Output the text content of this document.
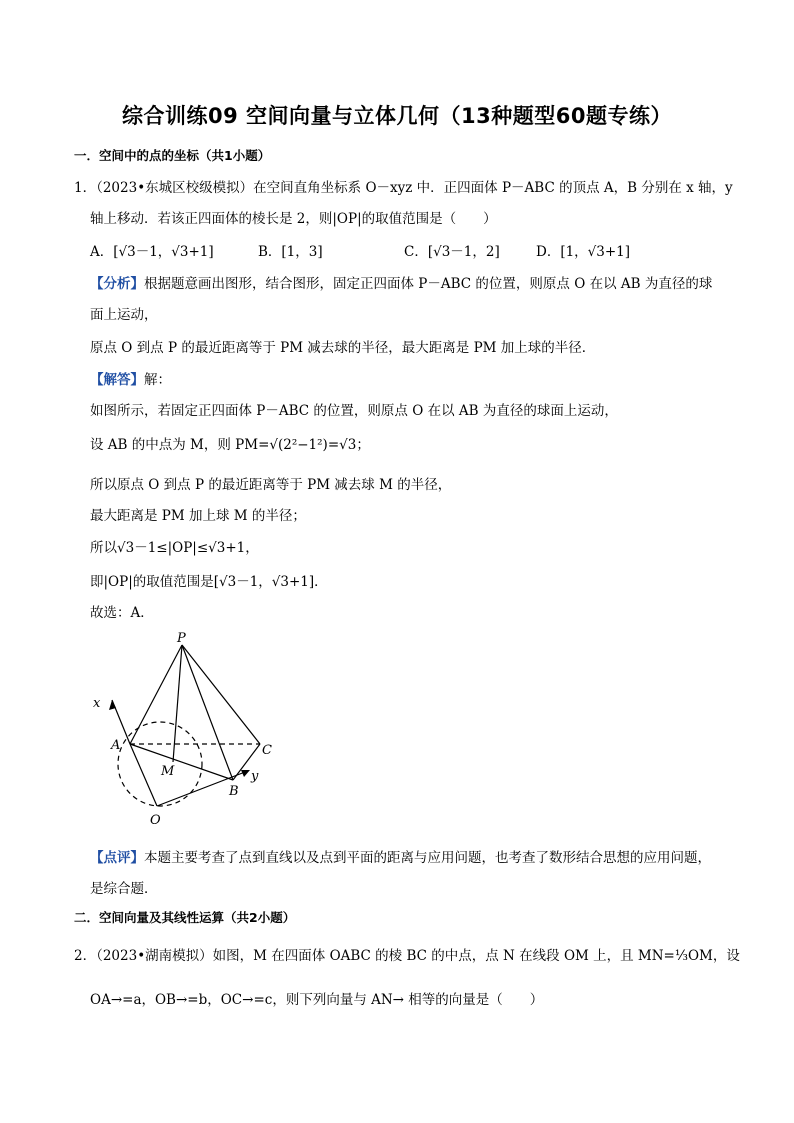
综合训练09 空间向量与立体几何（13种题型60题专练）
一．空间中的点的坐标（共1小题）
1．（2023•东城区校级模拟）在空间直角坐标系 O－xyz 中．正四面体 P－ABC 的顶点 A，B 分别在 x 轴，y
轴上移动．若该正四面体的棱长是 2，则|OP|的取值范围是（　　）
A．[√3－1，√3+1]	B．[1，3]	C．[√3－1，2]	D．[1，√3+1]
【分析】根据题意画出图形，结合图形，固定正四面体 P－ABC 的位置，则原点 O 在以 AB 为直径的球
面上运动，
原点 O 到点 P 的最近距离等于 PM 减去球的半径，最大距离是 PM 加上球的半径．
【解答】解：
如图所示，若固定正四面体 P－ABC 的位置，则原点 O 在以 AB 为直径的球面上运动，
设 AB 的中点为 M，则 PM=√(2²−1²)=√3；
所以原点 O 到点 P 的最近距离等于 PM 减去球 M 的半径，
最大距离是 PM 加上球 M 的半径；
所以√3－1≤|OP|≤√3+1，
即|OP|的取值范围是[√3－1，√3+1]．
故选：A．
P
A	C
M
B
O
x
y
【点评】本题主要考查了点到直线以及点到平面的距离与应用问题，也考查了数形结合思想的应用问题，
是综合题．
二．空间向量及其线性运算（共2小题）
2．（2023•湖南模拟）如图，M 在四面体 OABC 的棱 BC 的中点，点 N 在线段 OM 上，且 MN=⅓OM，设
OA→=a，OB→=b，OC→=c，则下列向量与 AN→ 相等的向量是（　　）
